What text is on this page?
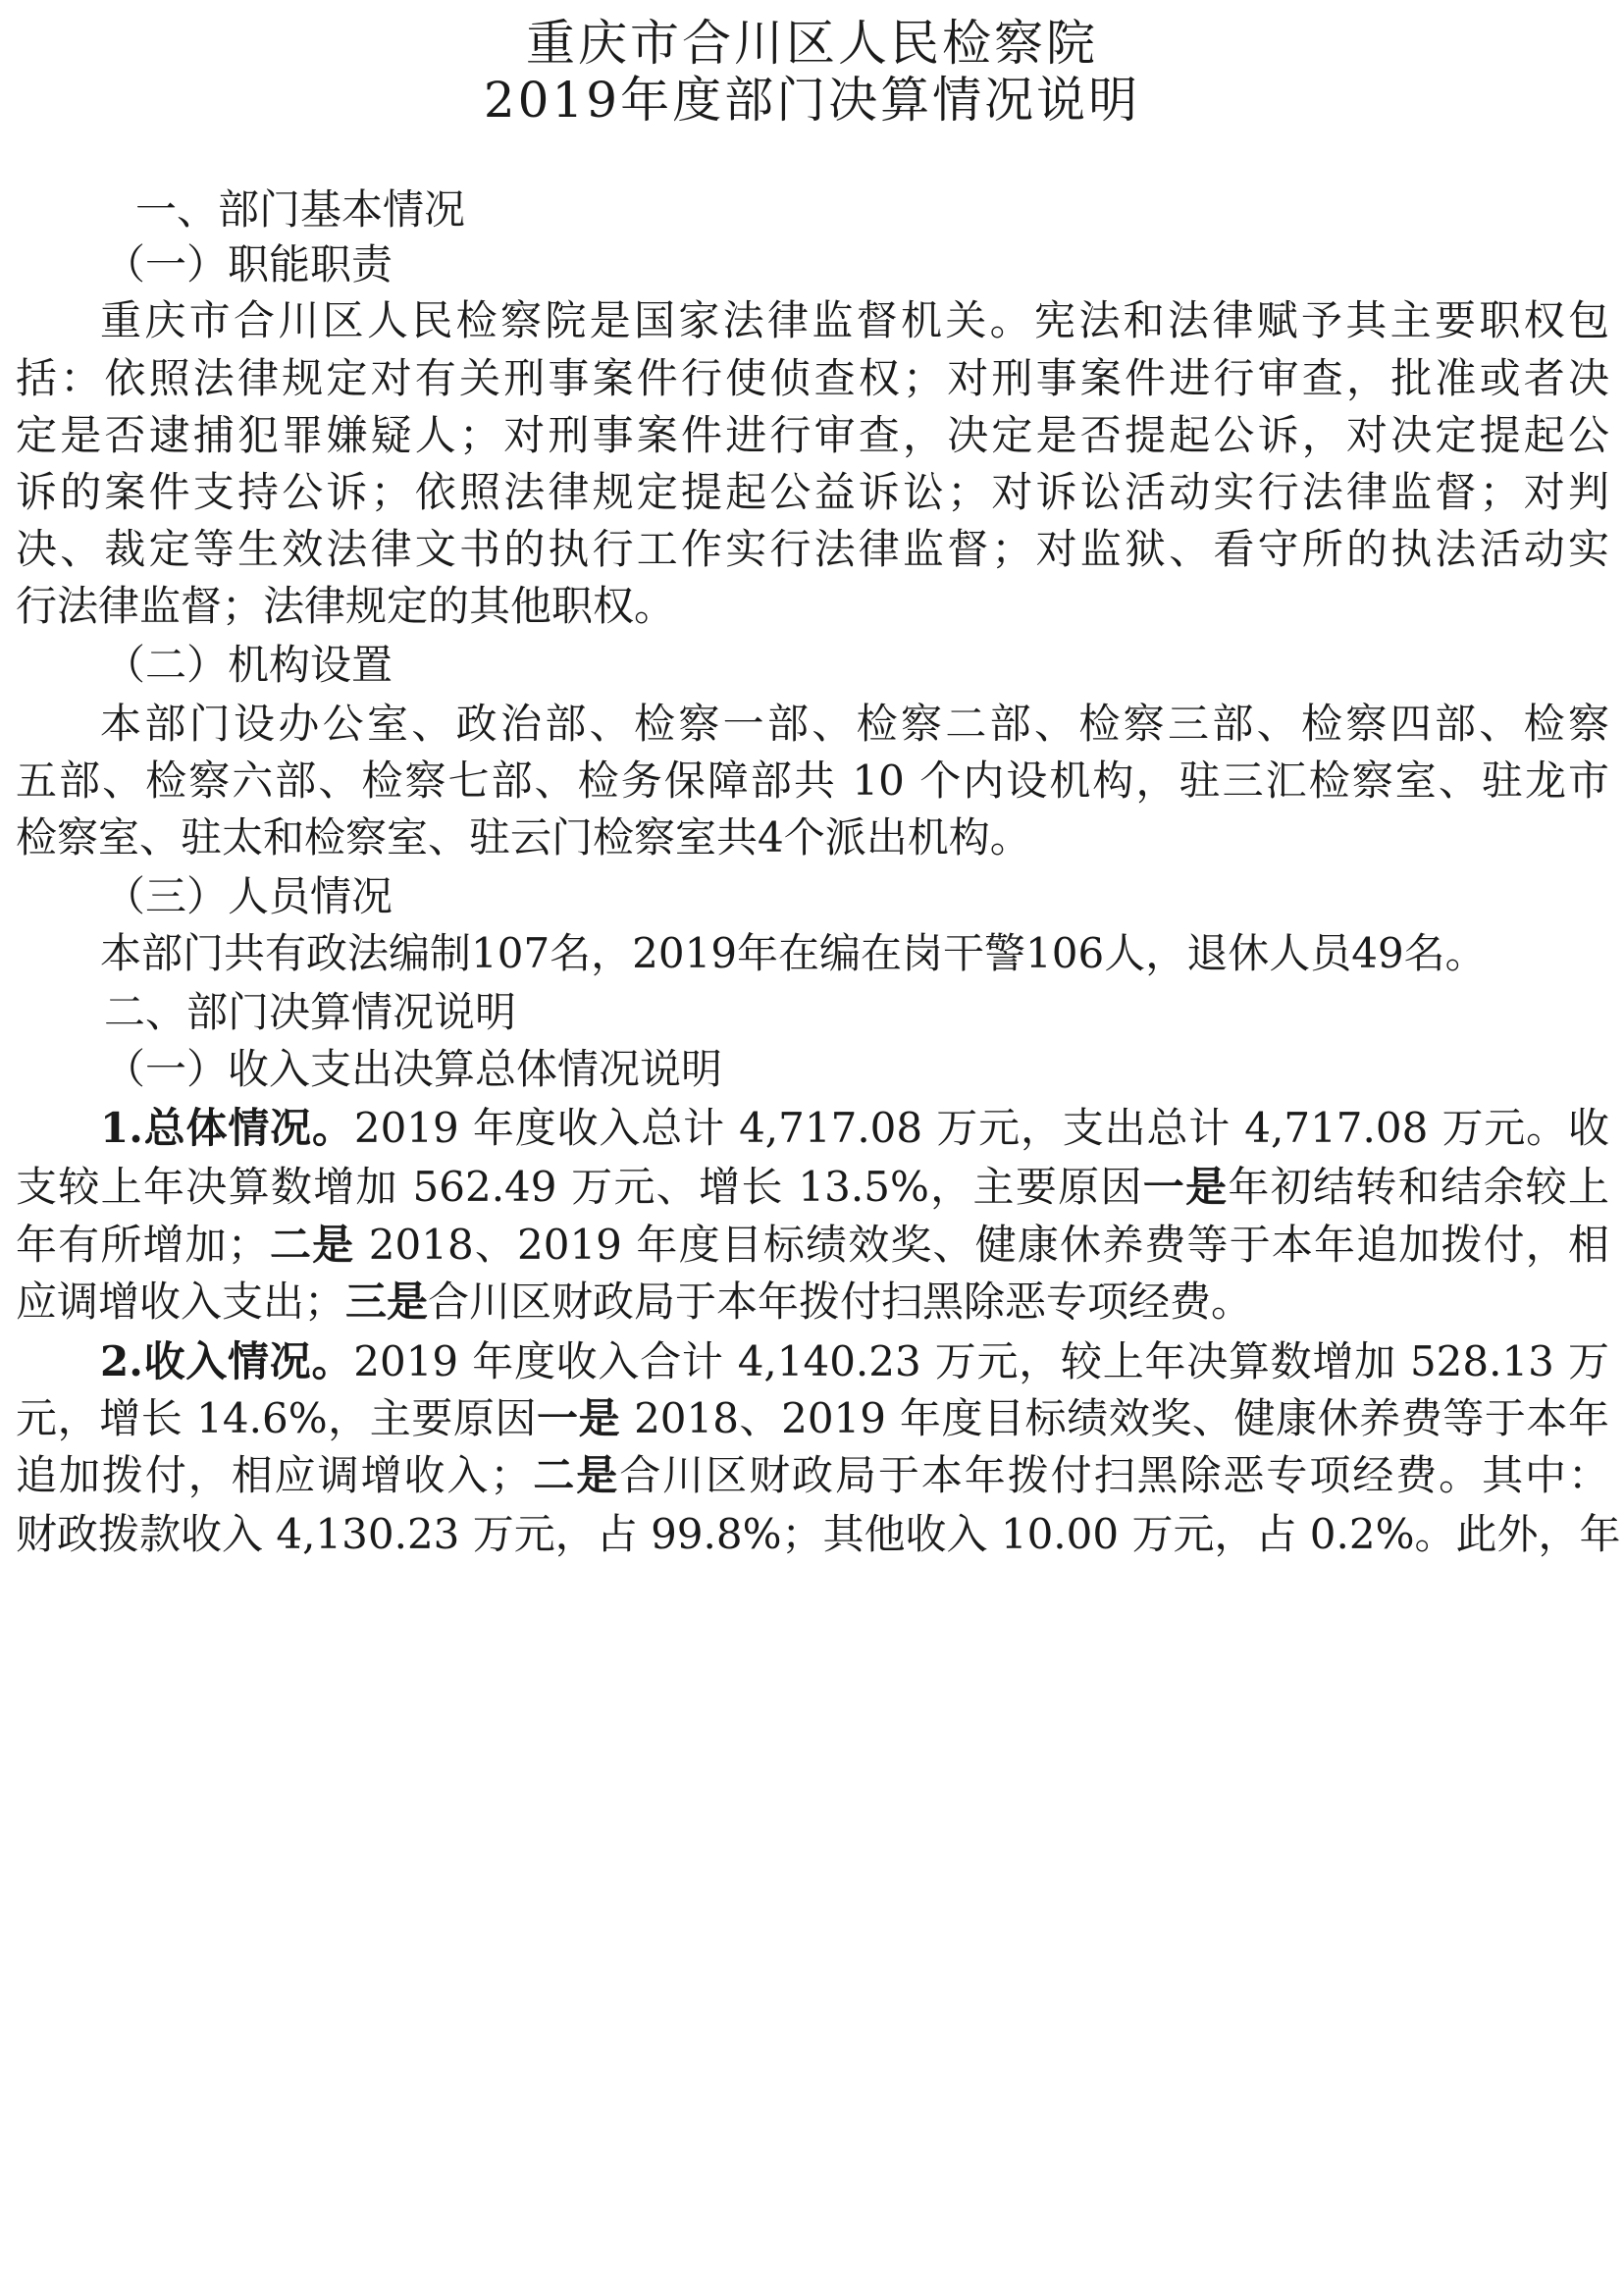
重庆市合川区人民检察院
2019年度部门决算情况说明

一、部门基本情况

（一）职能职责

重庆市合川区人民检察院是国家法律监督机关。宪法和法律赋予其主要职权包

括：依照法律规定对有关刑事案件行使侦查权；对刑事案件进行审查，批准或者决

定是否逮捕犯罪嫌疑人；对刑事案件进行审查，决定是否提起公诉，对决定提起公

诉的案件支持公诉；依照法律规定提起公益诉讼；对诉讼活动实行法律监督；对判

决、裁定等生效法律文书的执行工作实行法律监督；对监狱、看守所的执法活动实

行法律监督；法律规定的其他职权。

（二）机构设置

本部门设办公室、政治部、检察一部、检察二部、检察三部、检察四部、检察

五部、检察六部、检察七部、检务保障部共 10 个内设机构，驻三汇检察室、驻龙市

检察室、驻太和检察室、驻云门检察室共4个派出机构。

（三）人员情况

本部门共有政法编制107名，2019年在编在岗干警106人，退休人员49名。

二、部门决算情况说明

（一）收入支出决算总体情况说明

1.总体情况。2019 年度收入总计 4,717.08 万元，支出总计 4,717.08 万元。收
支较上年决算数增加 562.49 万元、增长 13.5%，主要原因一是年初结转和结余较上
年有所增加；二是 2018、2019 年度目标绩效奖、健康休养费等于本年追加拨付，相
应调增收入支出；三是合川区财政局于本年拨付扫黑除恶专项经费。
2.收入情况。2019 年度收入合计 4,140.23 万元，较上年决算数增加 528.13 万
元，增长 14.6%，主要原因一是 2018、2019 年度目标绩效奖、健康休养费等于本年
追加拨付，相应调增收入；二是合川区财政局于本年拨付扫黑除恶专项经费。其中：

财政拨款收入 4,130.23 万元，占 99.8%；其他收入 10.00 万元，占 0.2%。此外，年
